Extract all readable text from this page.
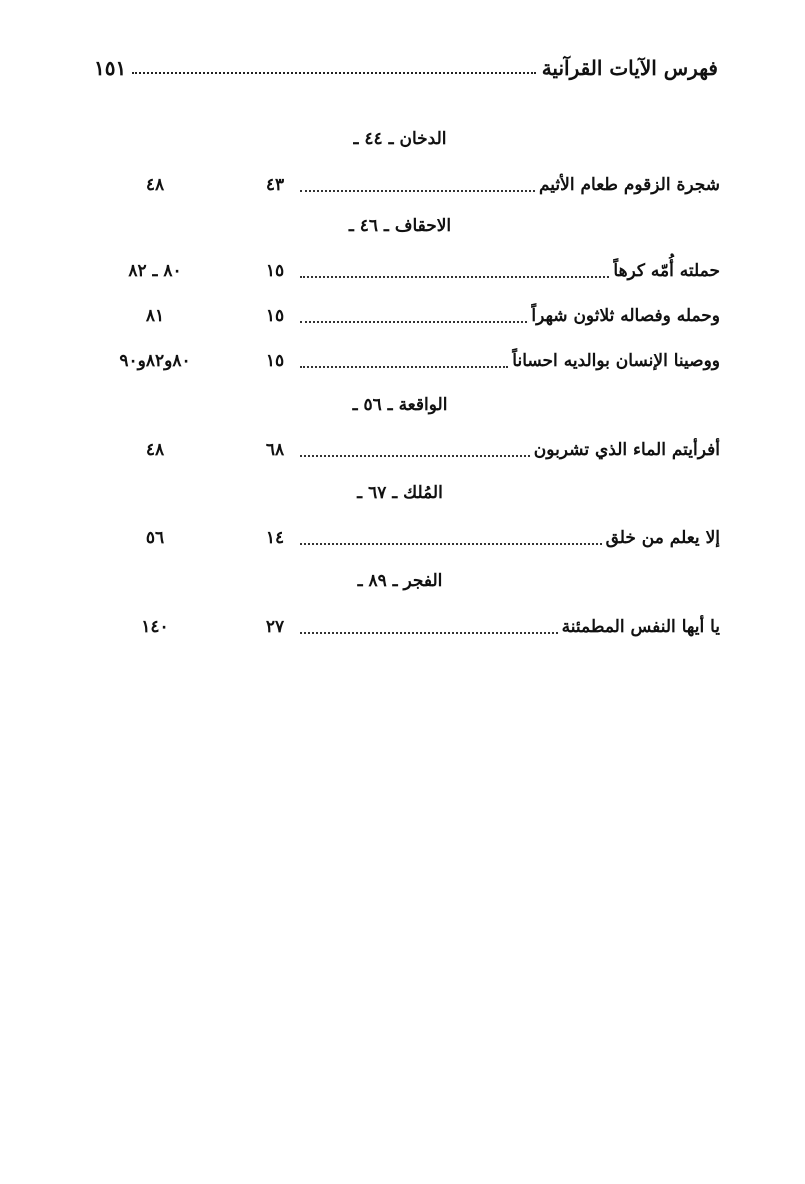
فهرس الآيات القرآنية
١٥١
الدخان ـ ٤٤ ـ
شجرة الزقوم طعام الأثيم
٤٣
٤٨
الاحقاف ـ ٤٦ ـ
حملته أُمّه كرهاً
١٥
٨٠ ـ ٨٢
وحمله وفصاله ثلاثون شهراً
١٥
٨١
ووصينا الإنسان بوالديه احساناً
١٥
٨٠و٨٢و٩٠
الواقعة ـ ٥٦ ـ
أفرأيتم الماء الذي تشربون
٦٨
٤٨
المُلك ـ ٦٧ ـ
إلا يعلم من خلق
١٤
٥٦
الفجر ـ ٨٩ ـ
يا أيها النفس المطمئنة
٢٧
١٤٠
